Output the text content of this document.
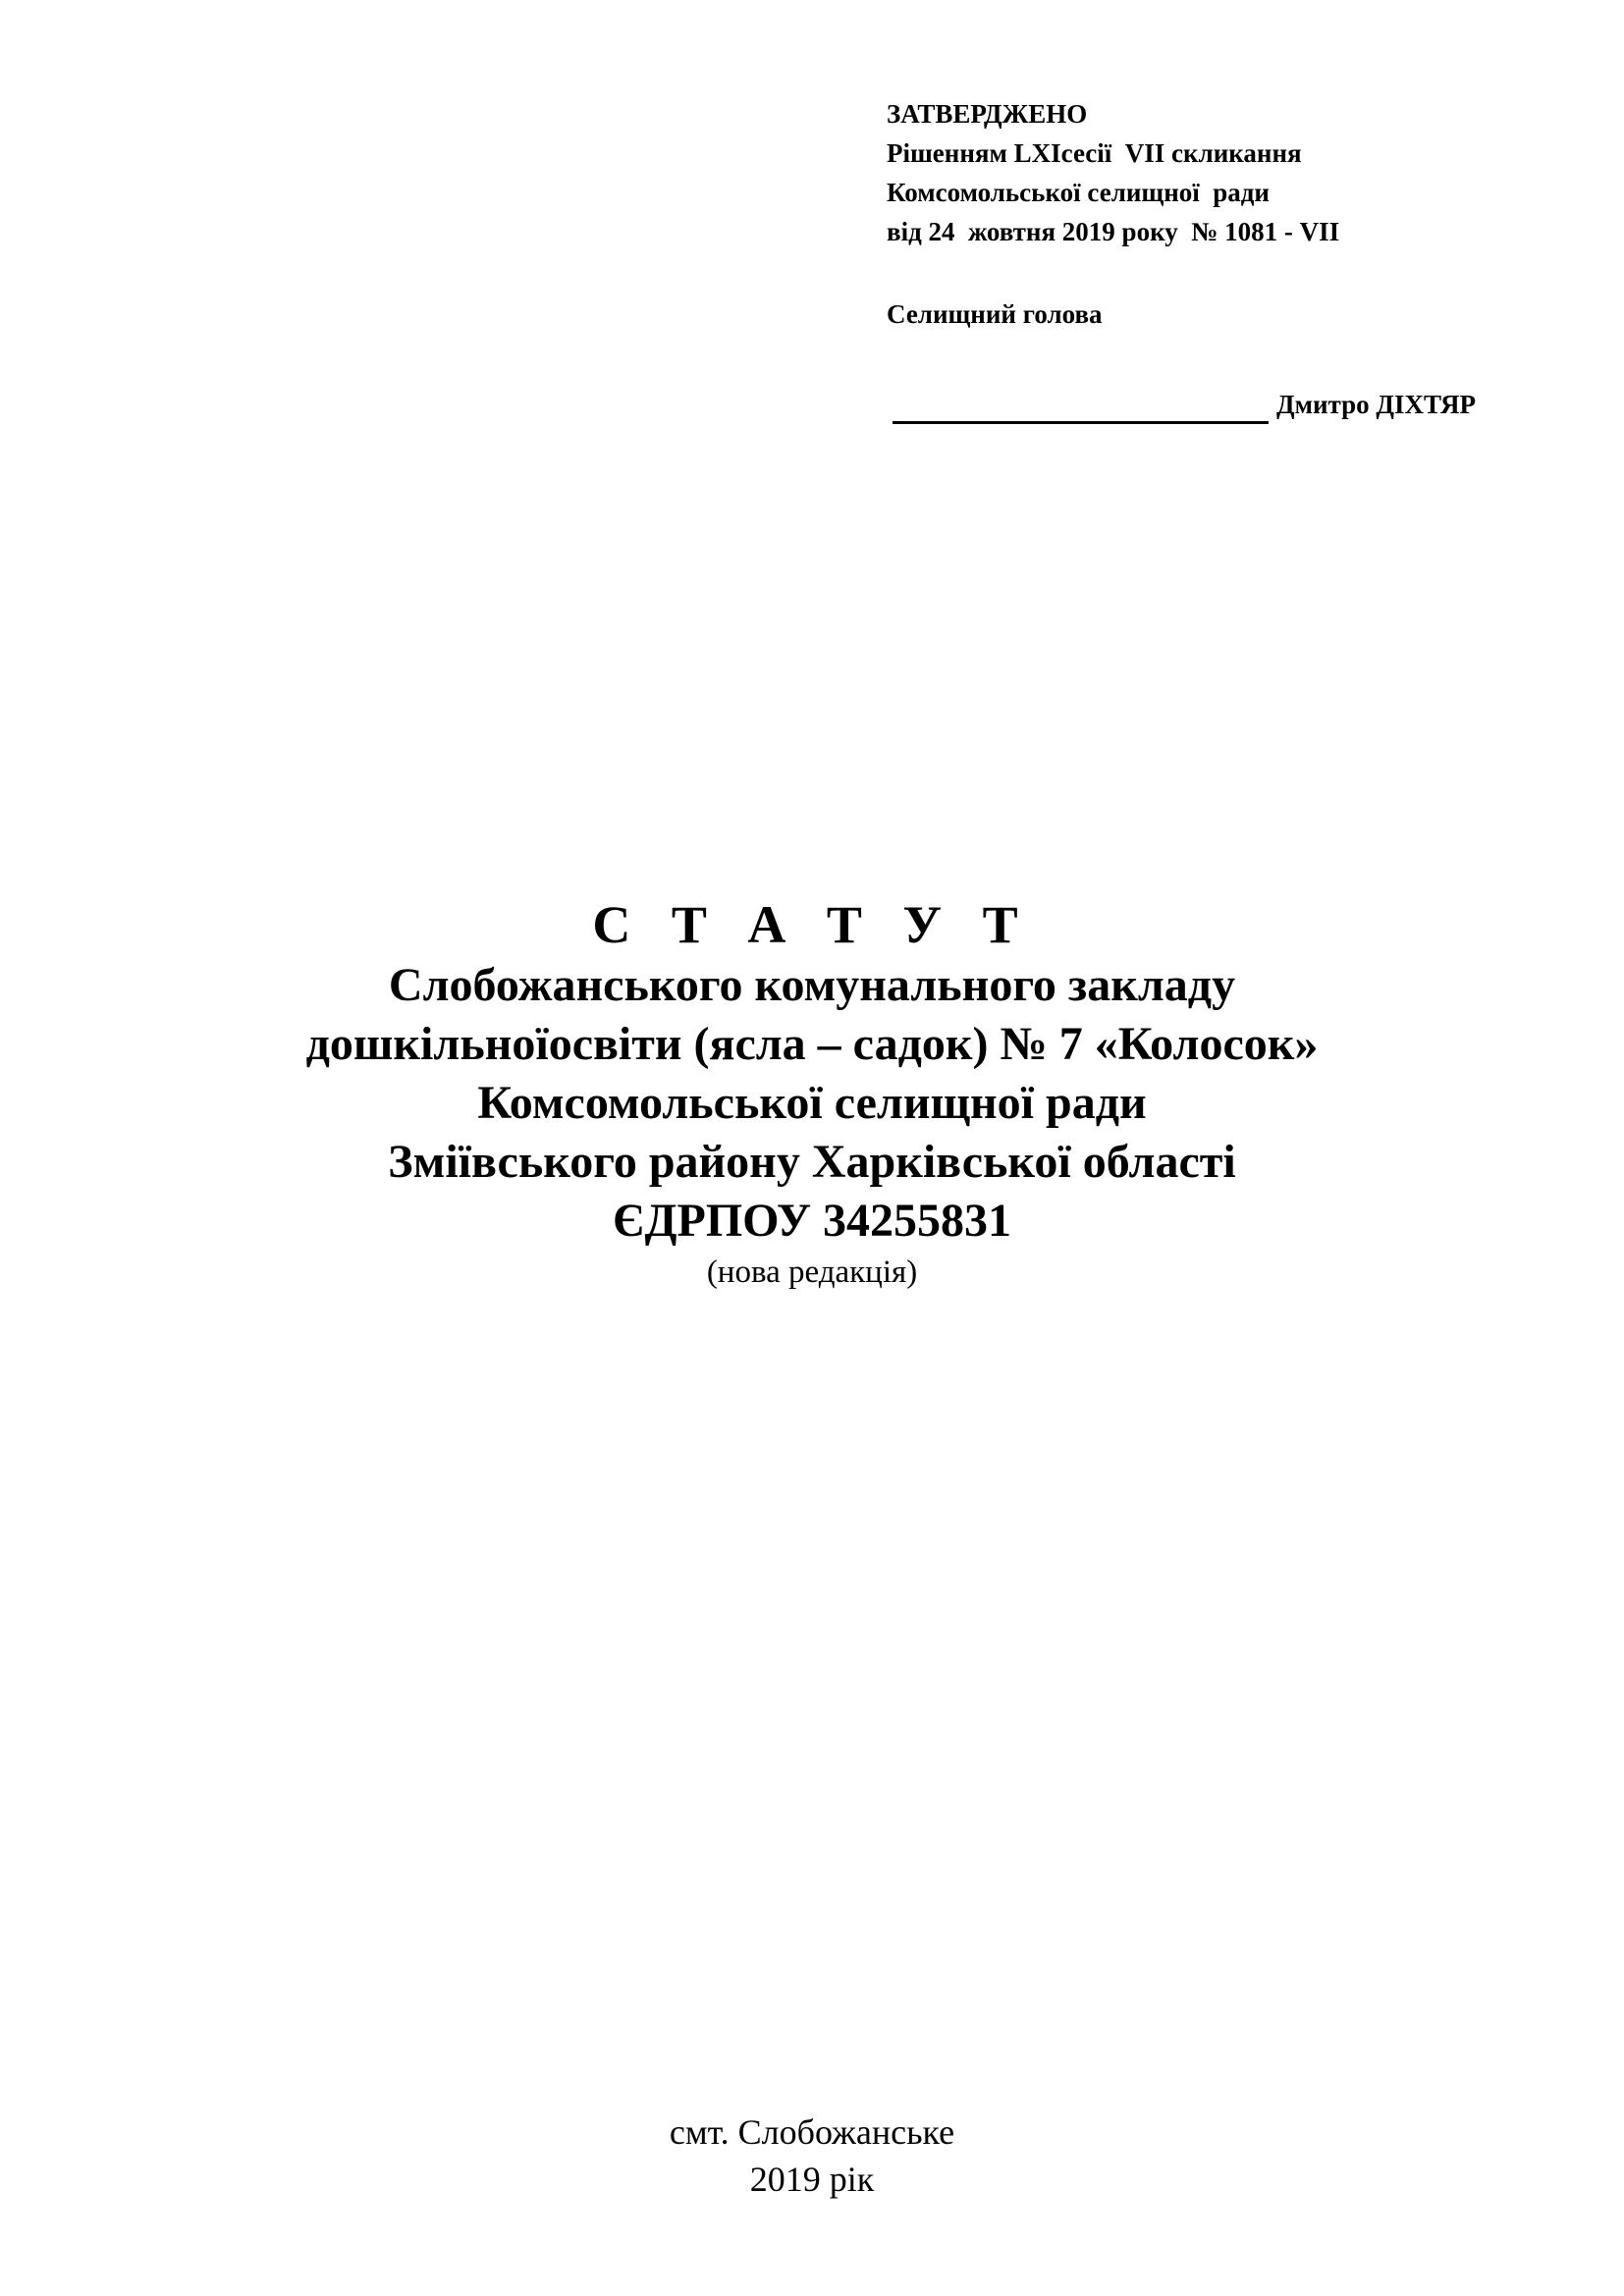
ЗАТВЕРДЖЕНО
Рішенням LXIсесії  VII скликання
Комсомольської селищної  ради
від 24  жовтня 2019 року  № 1081 - VII
Селищний голова
Дмитро ДІХТЯР
С Т А Т У Т
Слобожанського комунального закладу
дошкільноїосвіти (ясла – садок) № 7 «Колосок»
Комсомольської селищної ради
Зміївського району Харківської області
ЄДРПОУ 34255831
(нова редакція)
смт. Слобожанське
2019 рік
